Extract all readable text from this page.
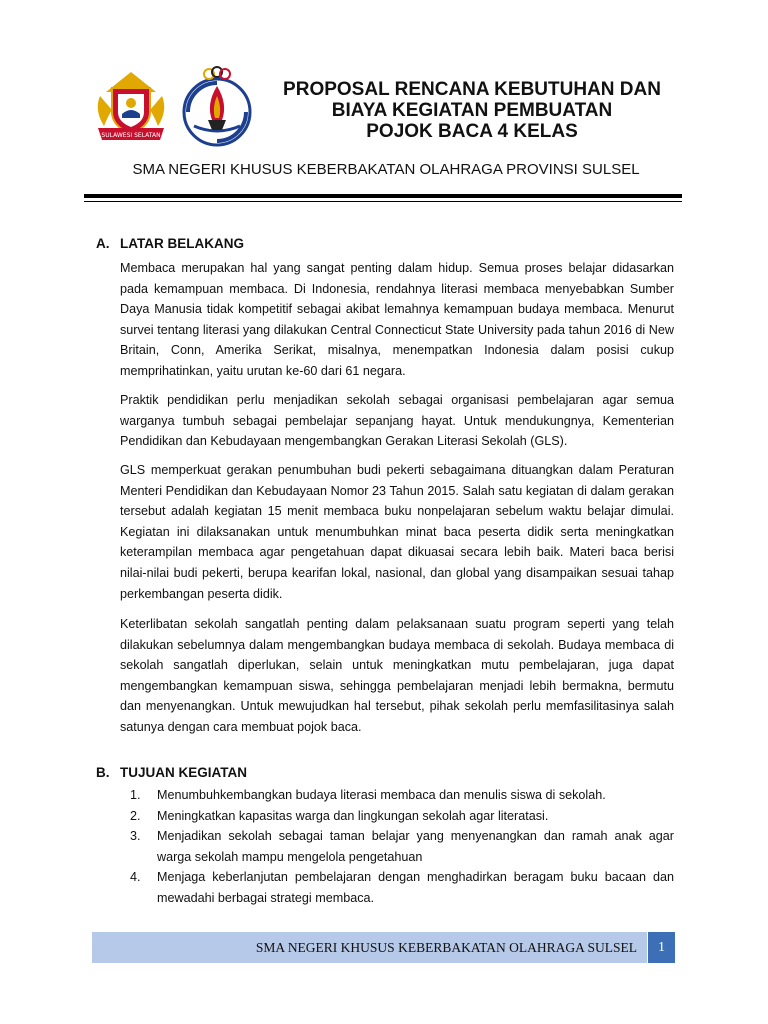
SULAWESI SELATAN
PROPOSAL RENCANA KEBUTUHAN DAN
BIAYA KEGIATAN PEMBUATAN
POJOK BACA 4 KELAS
SMA NEGERI KHUSUS KEBERBAKATAN OLAHRAGA PROVINSI SULSEL
A. LATAR BELAKANG

Membaca merupakan hal yang sangat penting dalam hidup. Semua proses belajar didasarkan pada kemampuan membaca. Di Indonesia, rendahnya literasi membaca menyebabkan Sumber Daya Manusia tidak kompetitif sebagai akibat lemahnya kemampuan budaya membaca. Menurut survei tentang literasi yang dilakukan Central Connecticut State University pada tahun 2016 di New Britain, Conn, Amerika Serikat, misalnya, menempatkan Indonesia dalam posisi cukup memprihatinkan, yaitu urutan ke-60 dari 61 negara.

Praktik pendidikan perlu menjadikan sekolah sebagai organisasi pembelajaran agar semua warganya tumbuh sebagai pembelajar sepanjang hayat. Untuk mendukungnya, Kementerian Pendidikan dan Kebudayaan mengembangkan Gerakan Literasi Sekolah (GLS).

GLS memperkuat gerakan penumbuhan budi pekerti sebagaimana dituangkan dalam Peraturan Menteri Pendidikan dan Kebudayaan Nomor 23 Tahun 2015. Salah satu kegiatan di dalam gerakan tersebut adalah kegiatan 15 menit membaca buku nonpelajaran sebelum waktu belajar dimulai. Kegiatan ini dilaksanakan untuk menumbuhkan minat baca peserta didik serta meningkatkan keterampilan membaca agar pengetahuan dapat dikuasai secara lebih baik. Materi baca berisi nilai-nilai budi pekerti, berupa kearifan lokal, nasional, dan global yang disampaikan sesuai tahap perkembangan peserta didik.

Keterlibatan sekolah sangatlah penting dalam pelaksanaan suatu program seperti yang telah dilakukan sebelumnya dalam mengembangkan budaya membaca di sekolah. Budaya membaca di sekolah sangatlah diperlukan, selain untuk meningkatkan mutu pembelajaran, juga dapat mengembangkan kemampuan siswa, sehingga pembelajaran menjadi lebih bermakna, bermutu dan menyenangkan. Untuk mewujudkan hal tersebut, pihak sekolah perlu memfasilitasinya salah satunya dengan cara membuat pojok baca.

B. TUJUAN KEGIATAN
1. Menumbuhkembangkan budaya literasi membaca dan menulis siswa di sekolah.
2. Meningkatkan kapasitas warga dan lingkungan sekolah agar literatasi.
3. Menjadikan sekolah sebagai taman belajar yang menyenangkan dan ramah anak agar warga sekolah mampu mengelola pengetahuan
4. Menjaga keberlanjutan pembelajaran dengan menghadirkan beragam buku bacaan dan mewadahi berbagai strategi membaca.
SMA NEGERI KHUSUS KEBERBAKATAN OLAHRAGA SULSEL	1
